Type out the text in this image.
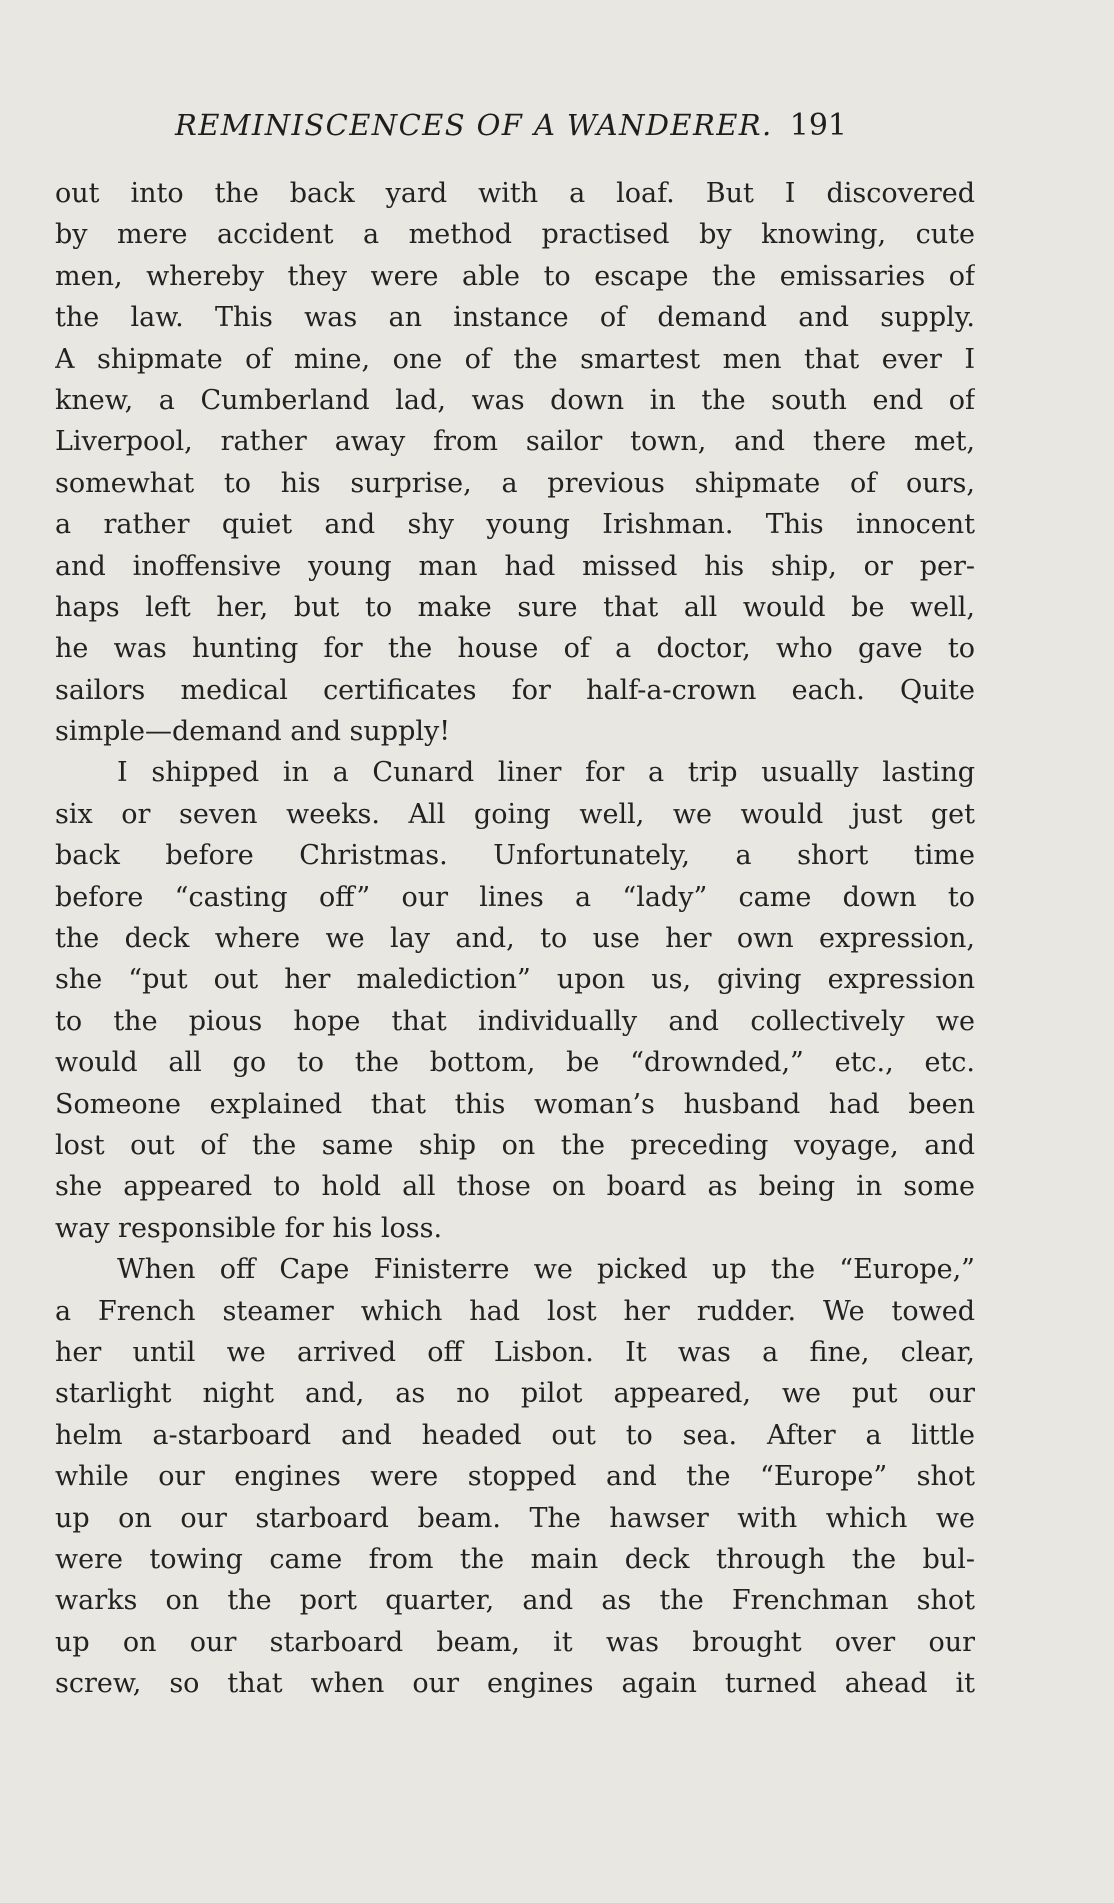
REMINISCENCES OF A WANDERER. 191
out into the back yard with a loaf. But I discovered
by mere accident a method practised by knowing, cute
men, whereby they were able to escape the emissaries of
the law. This was an instance of demand and supply.
A shipmate of mine, one of the smartest men that ever I
knew, a Cumberland lad, was down in the south end of
Liverpool, rather away from sailor town, and there met,
somewhat to his surprise, a previous shipmate of ours,
a rather quiet and shy young Irishman. This innocent
and inoffensive young man had missed his ship, or per-
haps left her, but to make sure that all would be well,
he was hunting for the house of a doctor, who gave to
sailors medical certificates for half-a-crown each. Quite
simple—demand and supply!
I shipped in a Cunard liner for a trip usually lasting
six or seven weeks. All going well, we would just get
back before Christmas. Unfortunately, a short time
before “casting off” our lines a “lady” came down to
the deck where we lay and, to use her own expression,
she “put out her malediction” upon us, giving expression
to the pious hope that individually and collectively we
would all go to the bottom, be “drownded,” etc., etc.
Someone explained that this woman’s husband had been
lost out of the same ship on the preceding voyage, and
she appeared to hold all those on board as being in some
way responsible for his loss.
When off Cape Finisterre we picked up the “Europe,”
a French steamer which had lost her rudder. We towed
her until we arrived off Lisbon. It was a fine, clear,
starlight night and, as no pilot appeared, we put our
helm a-starboard and headed out to sea. After a little
while our engines were stopped and the “Europe” shot
up on our starboard beam. The hawser with which we
were towing came from the main deck through the bul-
warks on the port quarter, and as the Frenchman shot
up on our starboard beam, it was brought over our
screw, so that when our engines again turned ahead it
